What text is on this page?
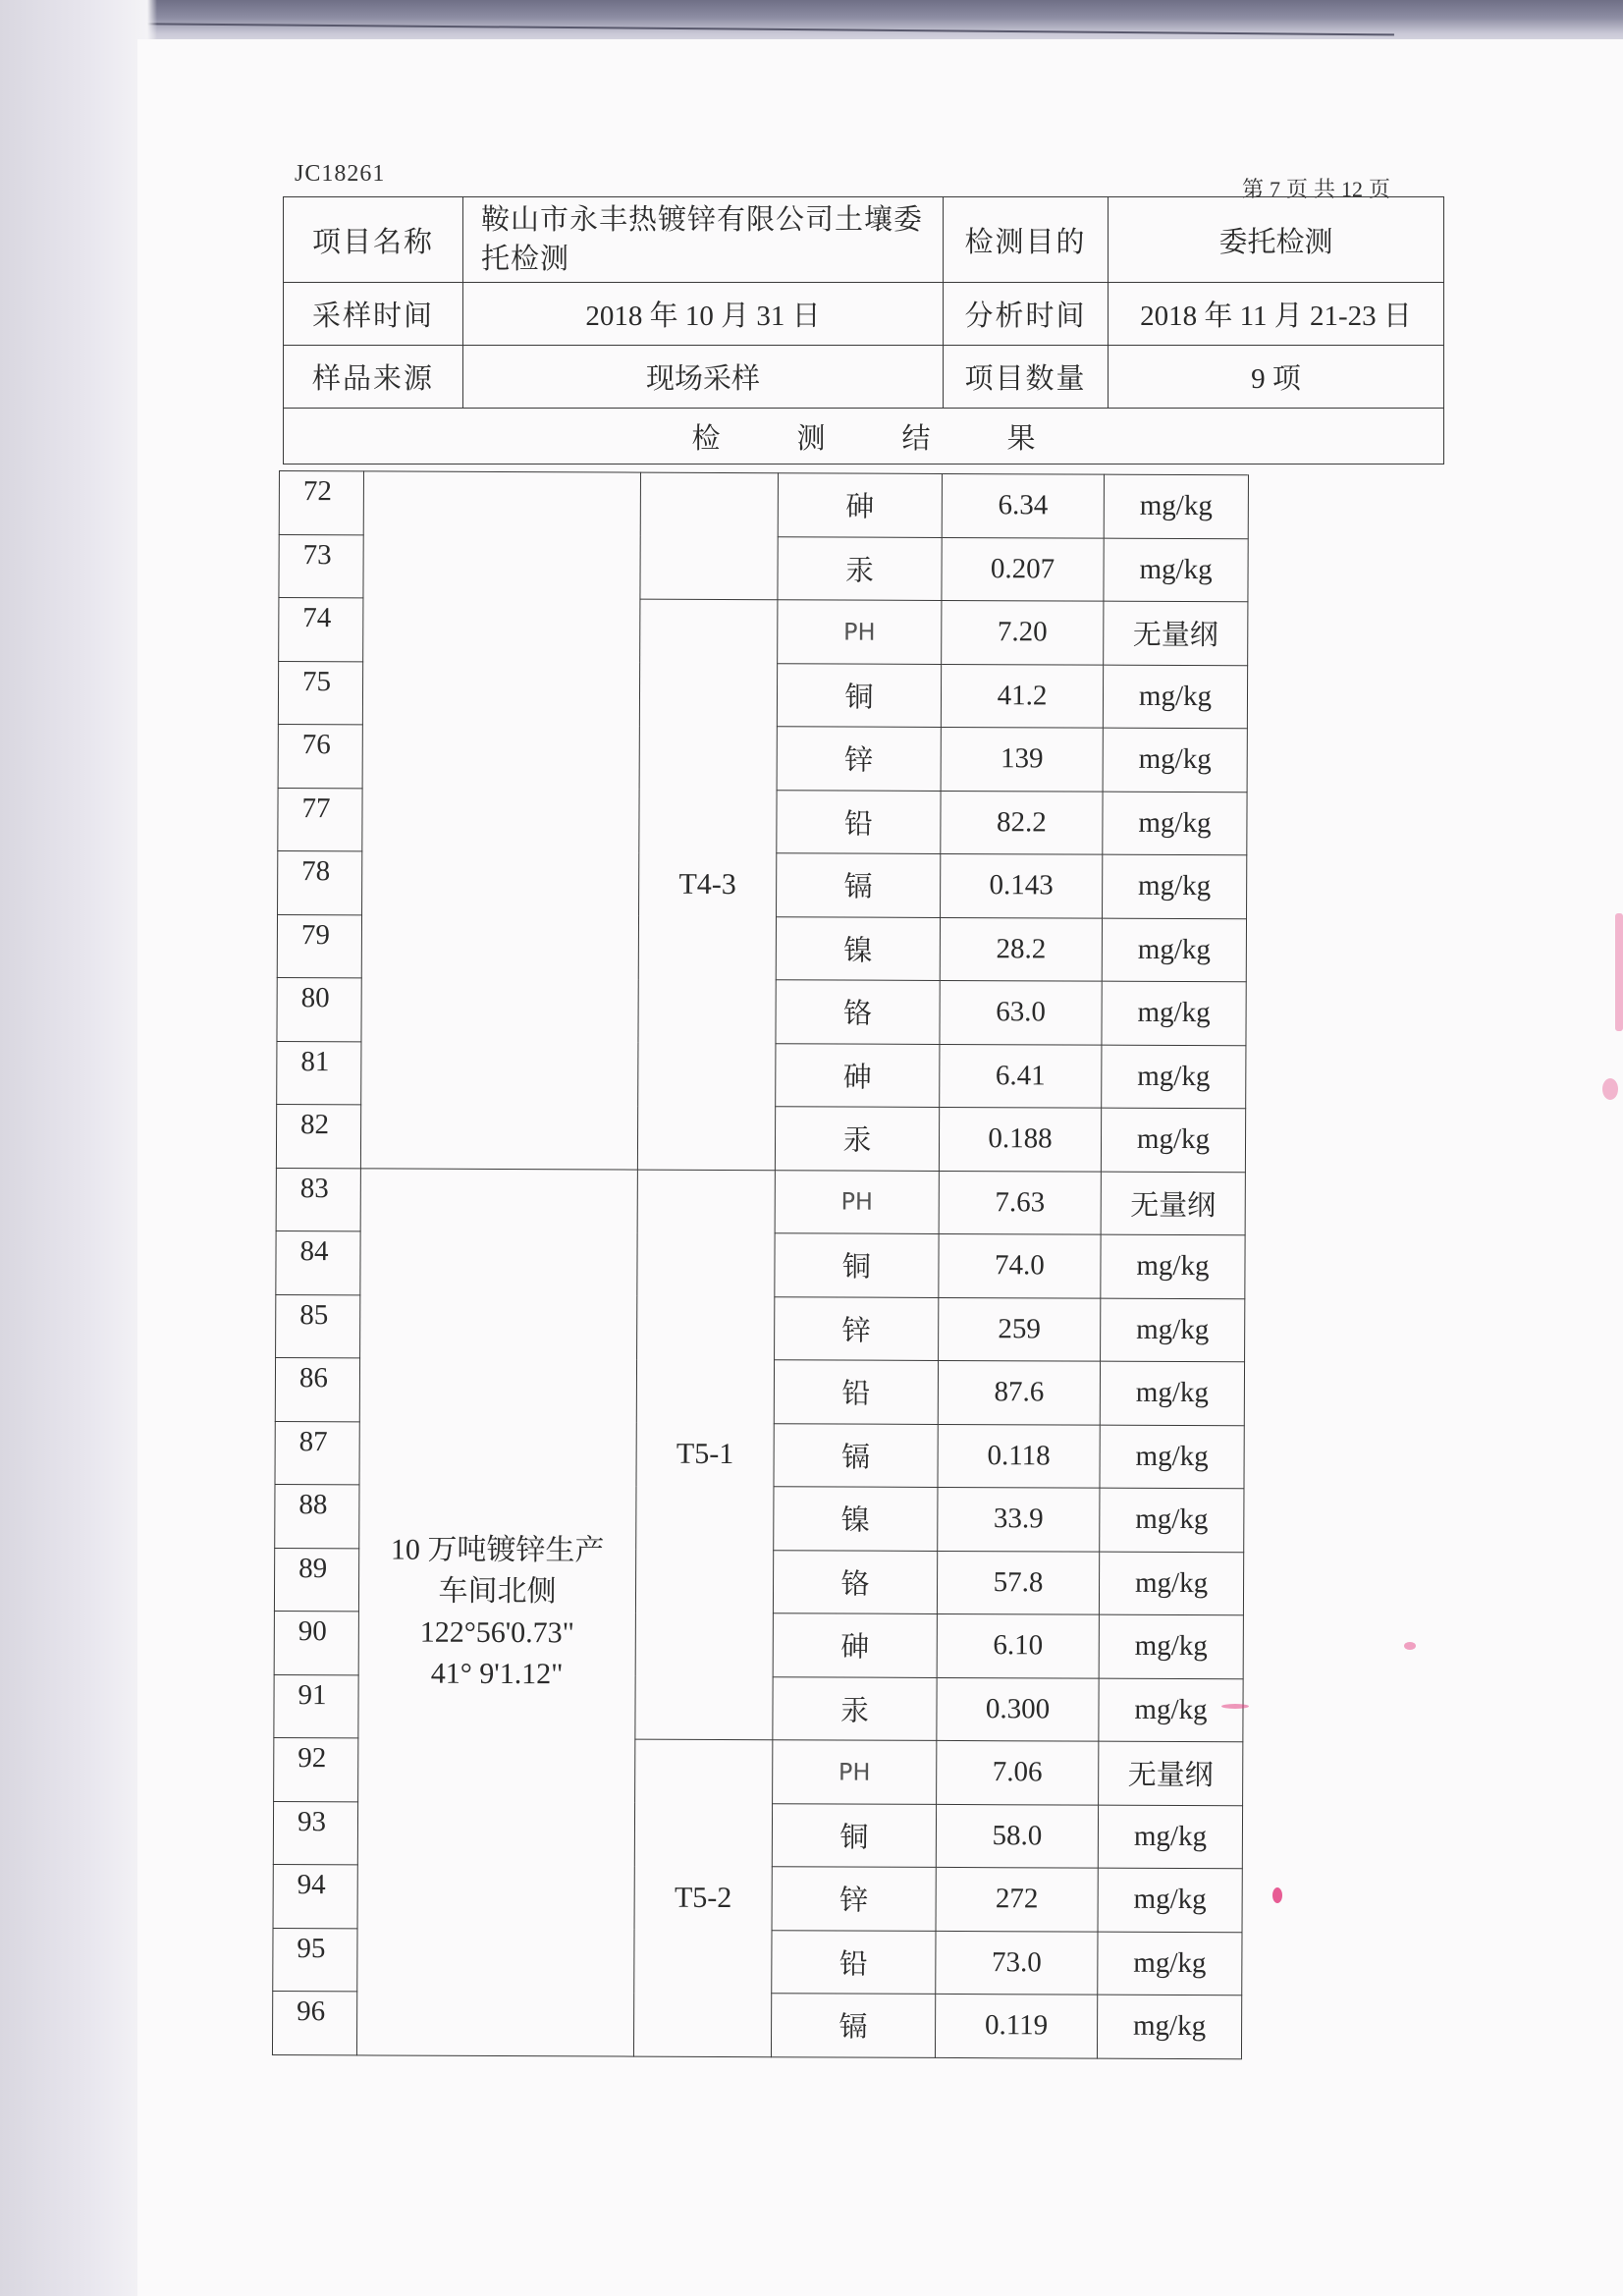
JC18261
第 7 页 共 12 页
项目名称	鞍山市永丰热镀锌有限公司土壤委托检测	检测目的	委托检测
采样时间	2018 年 10 月 31 日	分析时间	2018 年 11 月 21-23 日
样品来源	现场采样	项目数量	9 项
检测结果			
72			砷	6.34	mg/kg	
73			汞	0.207	mg/kg	
74		T4-3	PH	7.20	无量纲	
75			铜	41.2	mg/kg	
76			锌	139	mg/kg	
77			铅	82.2	mg/kg	
78			镉	0.143	mg/kg	
79			镍	28.2	mg/kg	
80			铬	63.0	mg/kg	
81			砷	6.41	mg/kg	
82			汞	0.188	mg/kg	
83	10 万吨镀锌生产
车间北侧
122°56'0.73"
41° 9'1.12"	T5-1	PH	7.63	无量纲	
84			铜	74.0	mg/kg	
85			锌	259	mg/kg	
86			铅	87.6	mg/kg	
87			镉	0.118	mg/kg	
88			镍	33.9	mg/kg	
89			铬	57.8	mg/kg	
90			砷	6.10	mg/kg	
91			汞	0.300	mg/kg	
92		T5-2	PH	7.06	无量纲	
93			铜	58.0	mg/kg	
94			锌	272	mg/kg	
95			铅	73.0	mg/kg	
96			镉	0.119	mg/kg	
